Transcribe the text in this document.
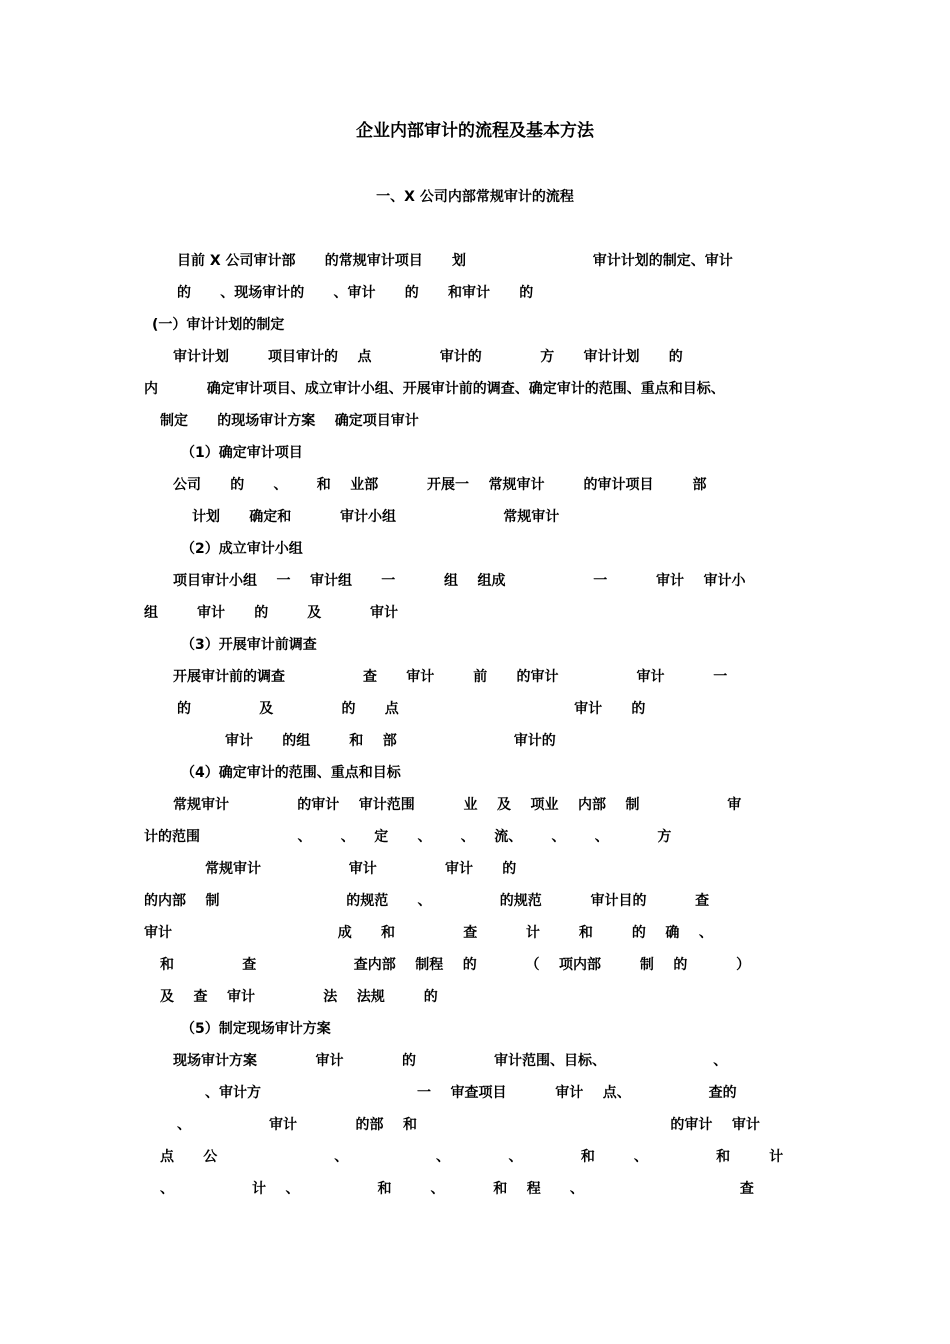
企业内部审计的流程及基本方法
一、X 公司内部常规审计的流程
目前 X 公司审计部      的常规审计项目      划                          审计计划的制定、审计
的      、现场审计的      、审计      的      和审计      的
(一）审计计划的制定
审计计划        项目审计的    点              审计的            方      审计计划      的
内          确定审计项目、成立审计小组、开展审计前的调查、确定审计的范围、重点和目标、
制定      的现场审计方案    确定项目审计
（1）确定审计项目
公司      的      、      和    业部          开展一    常规审计        的审计项目        部
计划      确定和          审计小组                      常规审计
（2）成立审计小组
项目审计小组    一    审计组      一          组    组成                  一          审计    审计小
组        审计      的        及          审计
（3）开展审计前调查
开展审计前的调查                查      审计        前      的审计                审计          一
的              及              的      点                                    审计      的
审计      的组        和    部                        审计的
（4）确定审计的范围、重点和目标
常规审计              的审计    审计范围          业    及    项业    内部    制                  审
计的范围                    、      、    定      、      、    流、      、      、          方
常规审计                  审计              审计      的
的内部    制                          的规范      、              的规范          审计目的          查
审计                                  成      和              查          计        和        的    确    、
和              查                    查内部    制程    的          （    项内部        制    的          ）
及    查    审计              法    法规        的
（5）制定现场审计方案
现场审计方案            审计            的                审计范围、目标、                      、
、审计方                                一    审查项目          审计    点、                查的
、                审计            的部    和                                                    的审计    审计
点      公                        、                  、            、            和        、              和        计
、                计    、                和        、          和    程      、                                查
